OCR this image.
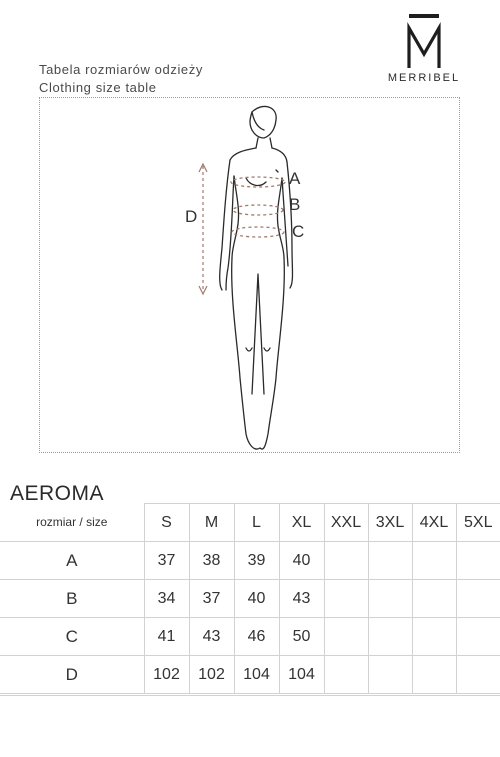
MERRIBEL
Tabela rozmiarów odzieży
Clothing size table
A
B
C
D
AEROMA
rozmiar / size	S	M	L	XL	XXL	3XL	4XL	5XL
A	37	38	39	40				
B	34	37	40	43				
C	41	43	46	50				
D	102	102	104	104				
